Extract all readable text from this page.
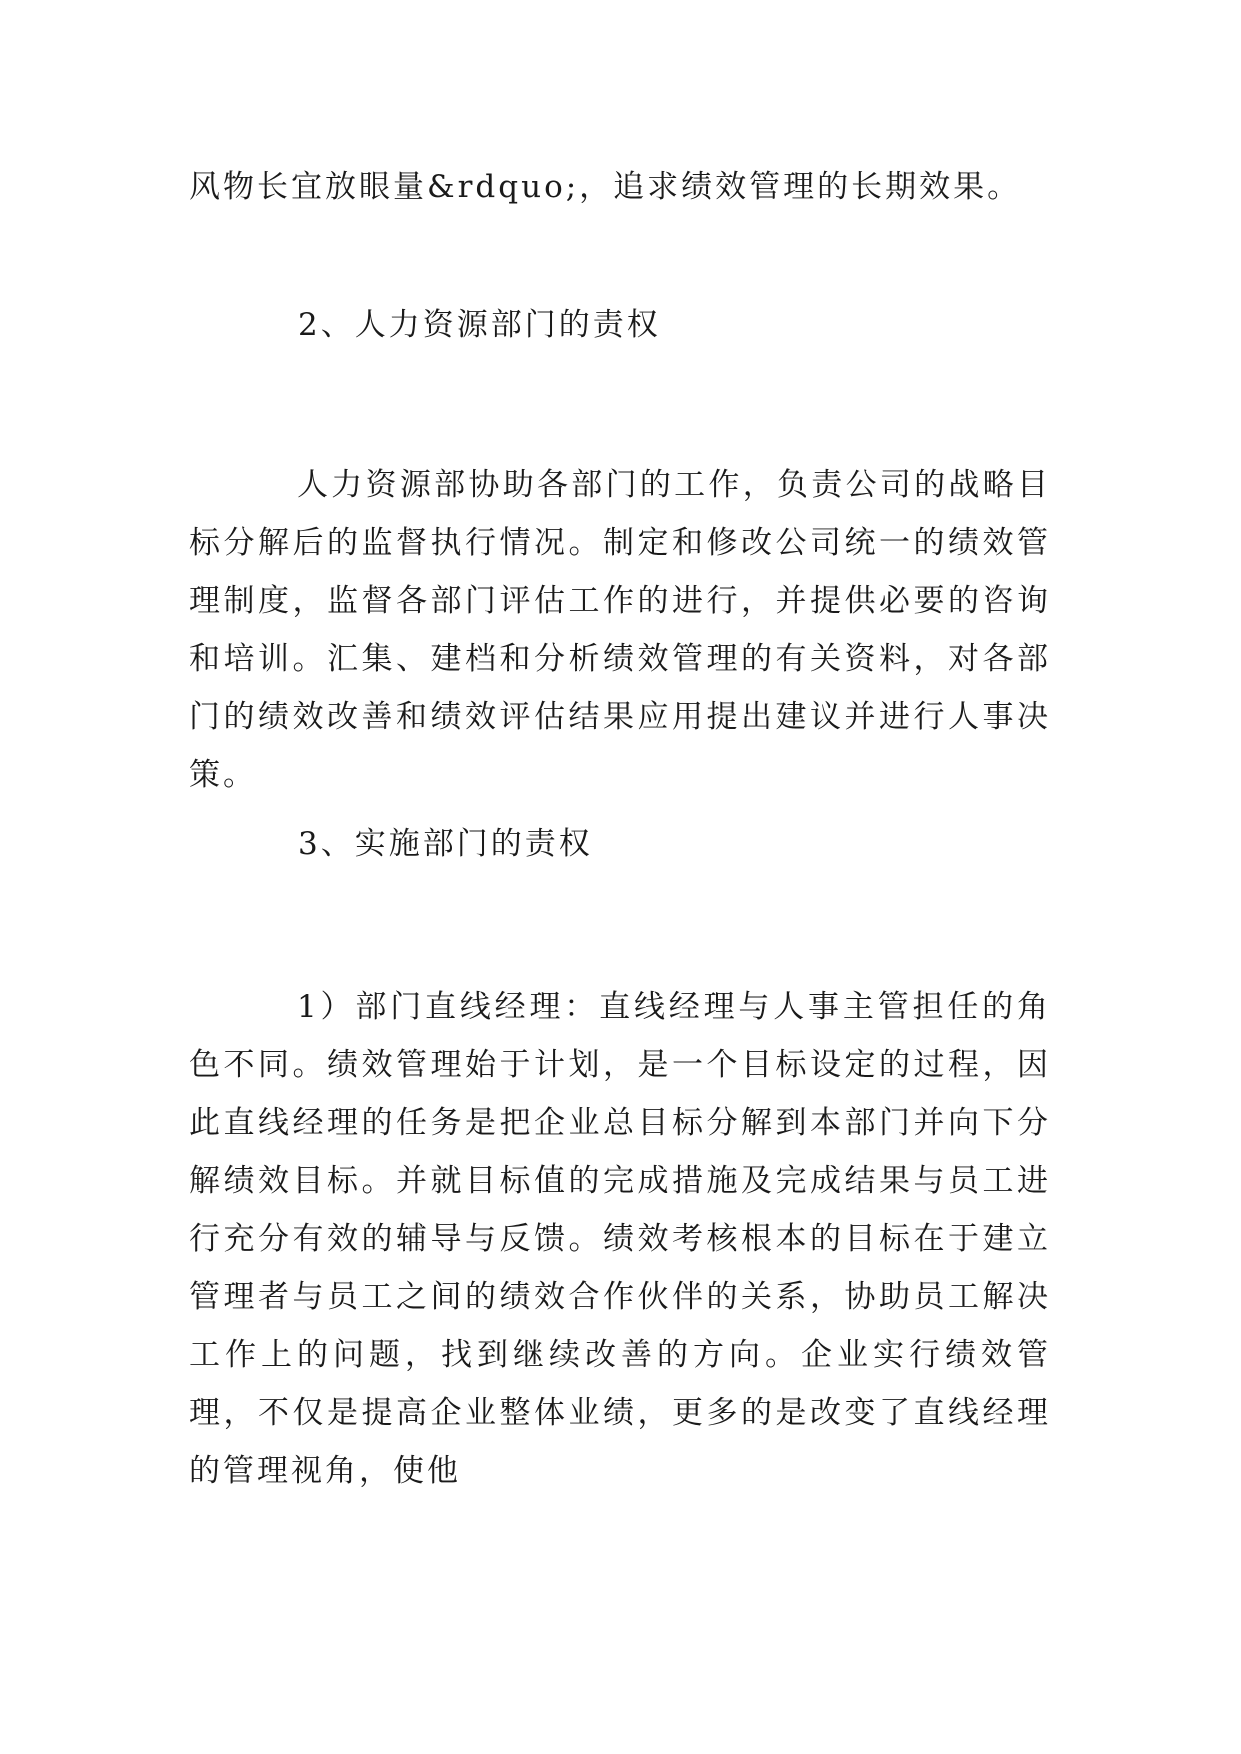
风物长宜放眼量&rdquo;，追求绩效管理的长期效果。

2、人力资源部门的责权

人力资源部协助各部门的工作，负责公司的战略目标分解后的监督执行情况。制定和修改公司统一的绩效管理制度，监督各部门评估工作的进行，并提供必要的咨询和培训。汇集、建档和分析绩效管理的有关资料，对各部门的绩效改善和绩效评估结果应用提出建议并进行人事决策。

3、实施部门的责权

1）部门直线经理：直线经理与人事主管担任的角色不同。绩效管理始于计划，是一个目标设定的过程，因此直线经理的任务是把企业总目标分解到本部门并向下分解绩效目标。并就目标值的完成措施及完成结果与员工进行充分有效的辅导与反馈。绩效考核根本的目标在于建立管理者与员工之间的绩效合作伙伴的关系，协助员工解决工作上的问题，找到继续改善的方向。企业实行绩效管理，不仅是提高企业整体业绩，更多的是改变了直线经理的管理视角，使他
